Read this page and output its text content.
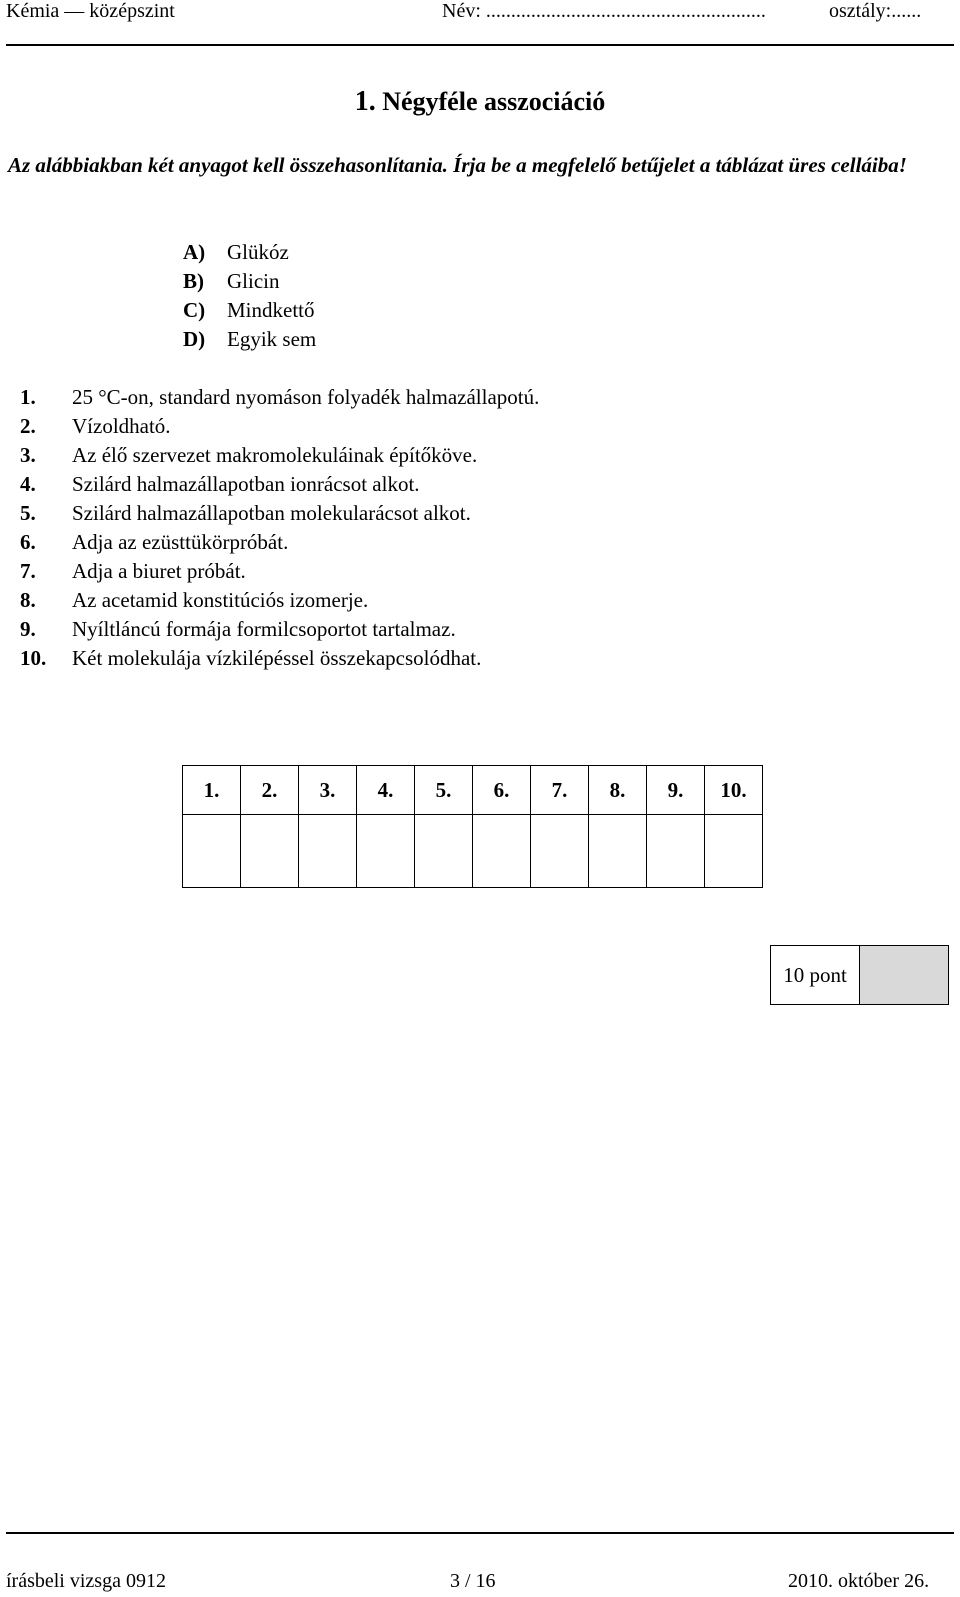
Kémia — középszint	Név: ........................................................	osztály:......
1. Négyféle asszociáció
Az alábbiakban két anyagot kell összehasonlítania. Írja be a megfelelő betűjelet a táblázat üres celláiba!
A) Glükóz
B) Glicin
C) Mindkettő
D) Egyik sem
1. 25 °C-on, standard nyomáson folyadék halmazállapotú.
2. Vízoldható.
3. Az élő szervezet makromolekuláinak építőköve.
4. Szilárd halmazállapotban ionrácsot alkot.
5. Szilárd halmazállapotban molekularácsot alkot.
6. Adja az ezüsttükörpróbát.
7. Adja a biuret próbát.
8. Az acetamid konstitúciós izomerje.
9. Nyíltláncú formája formilcsoportot tartalmaz.
10. Két molekulája vízkilépéssel összekapcsolódhat.
1.	2.	3.	4.	5.	6.	7.	8.	9.	10.

10 pont
írásbeli vizsga 0912	3 / 16	2010. október 26.
